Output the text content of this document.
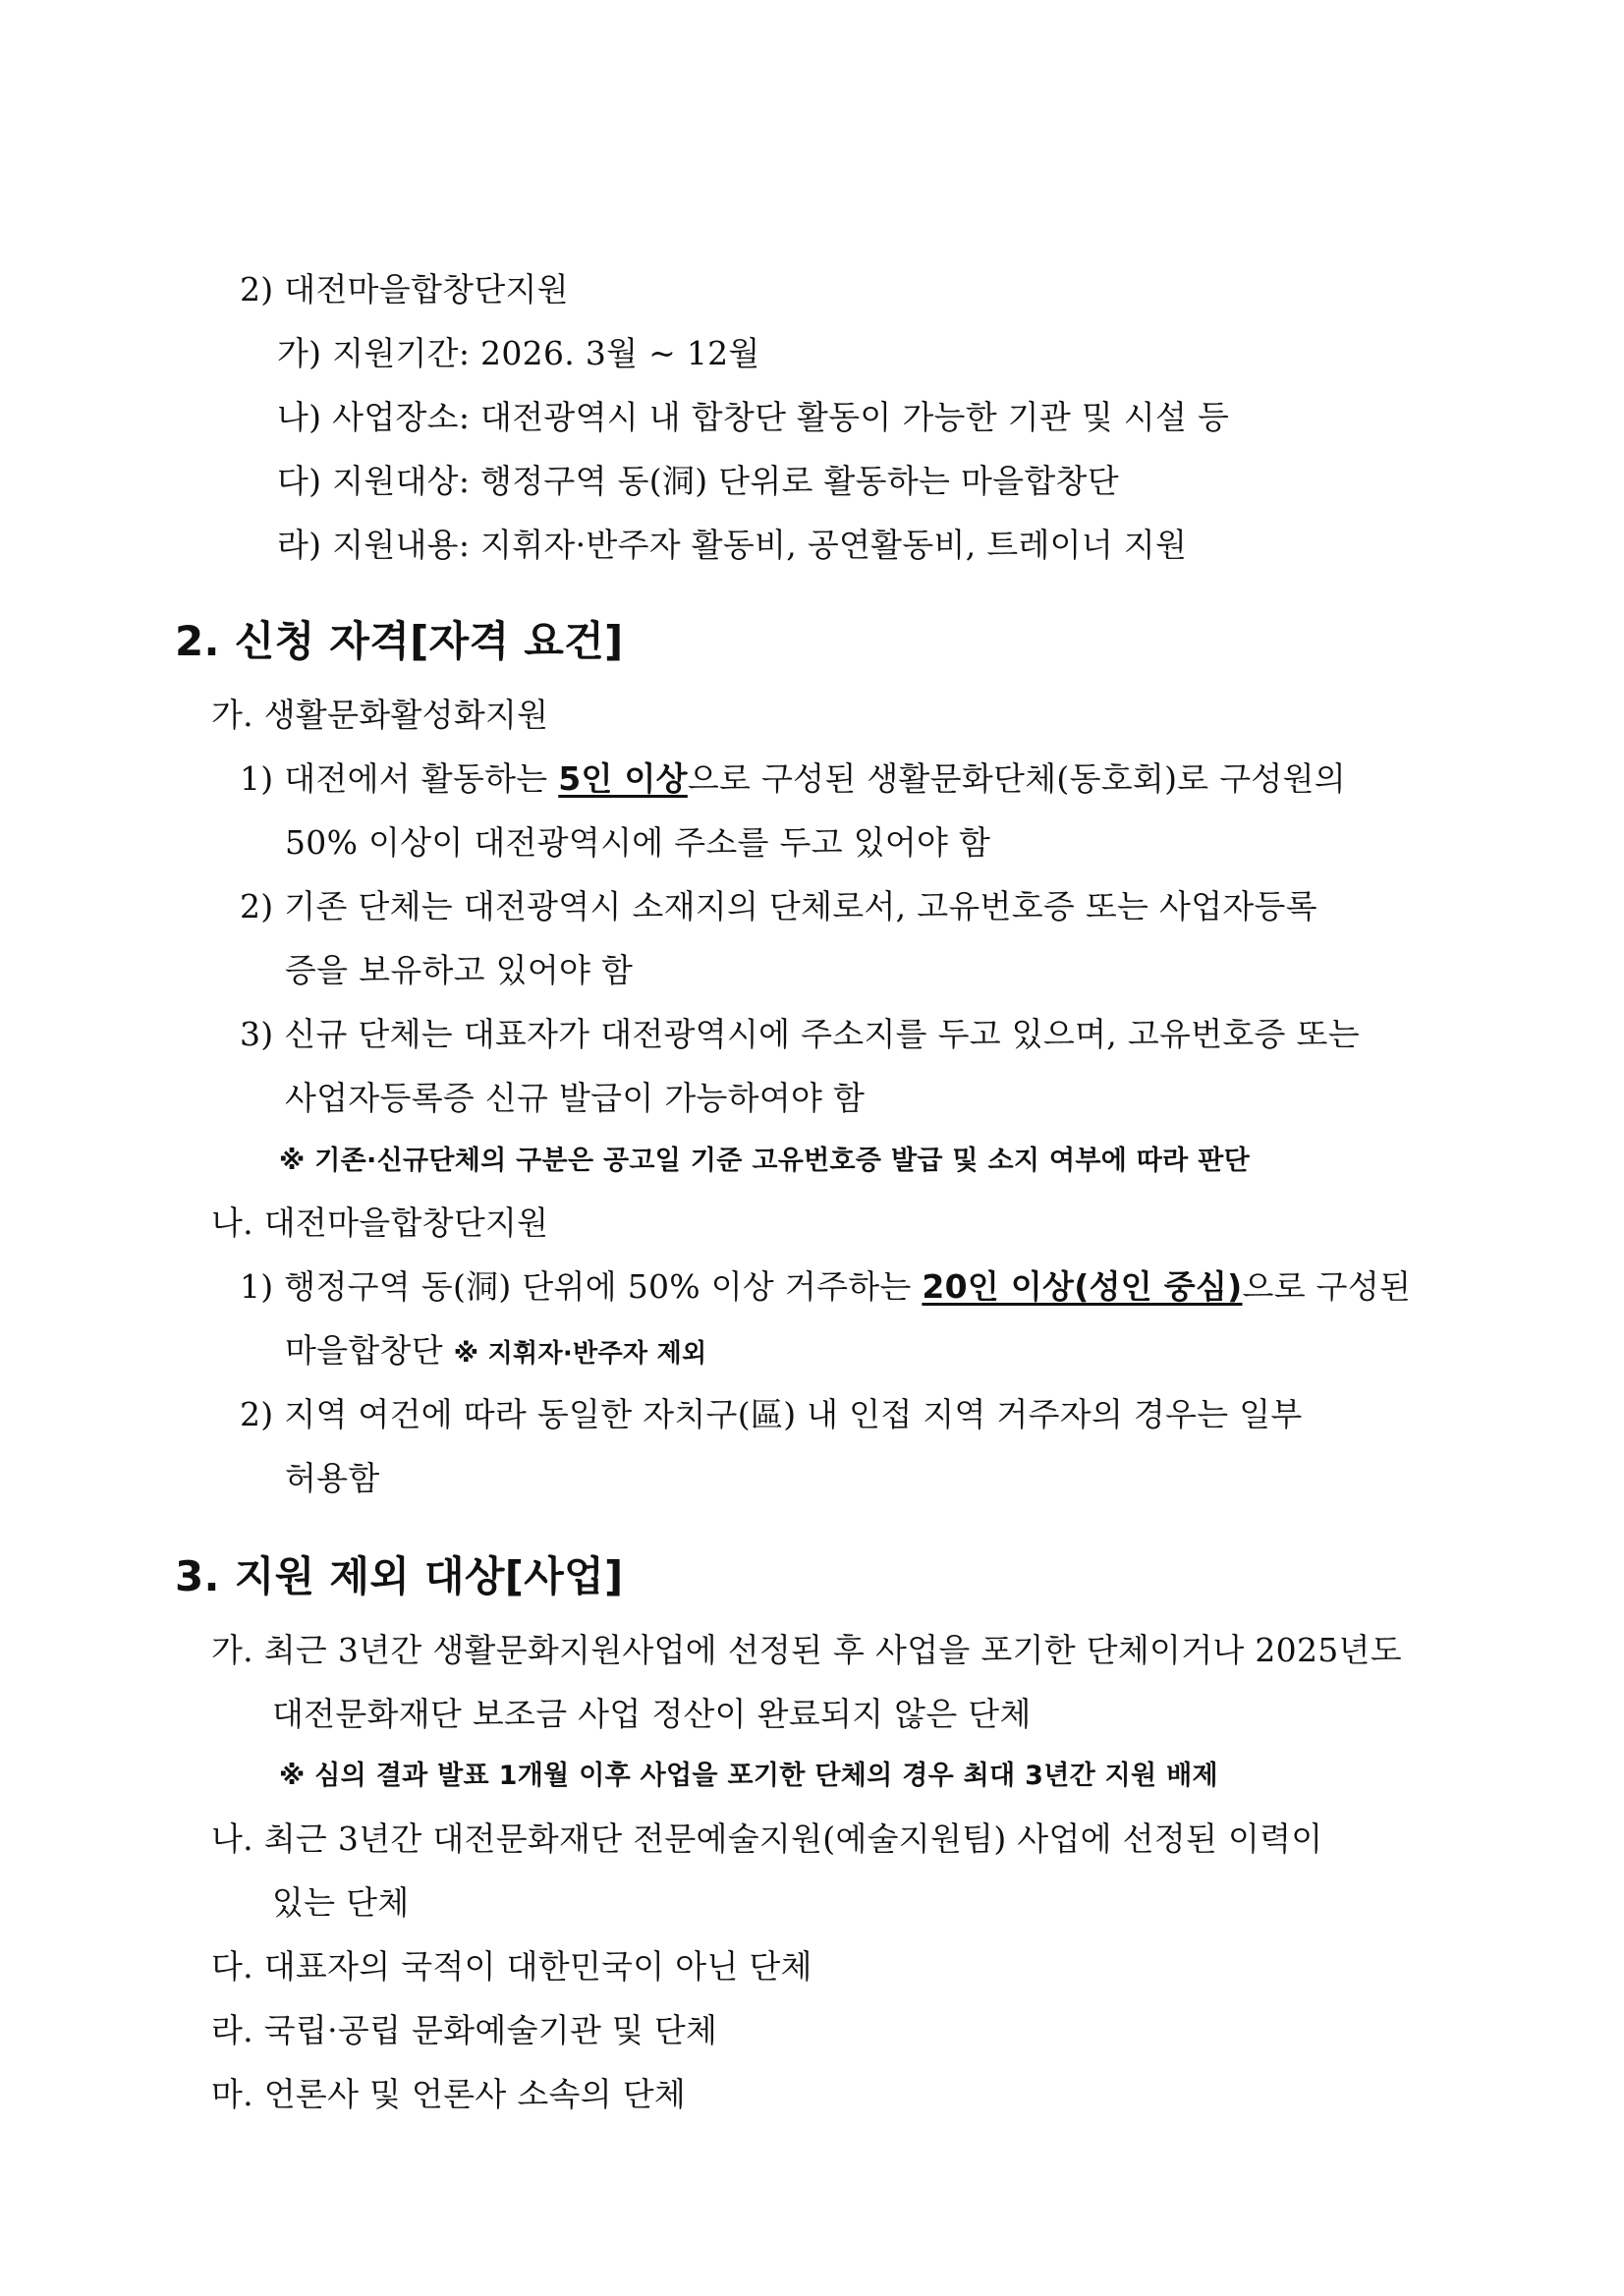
2) 대전마을합창단지원
가) 지원기간: 2026. 3월 ~ 12월
나) 사업장소: 대전광역시 내 합창단 활동이 가능한 기관 및 시설 등
다) 지원대상: 행정구역 동(洞) 단위로 활동하는 마을합창단
라) 지원내용: 지휘자·반주자 활동비, 공연활동비, 트레이너 지원
2. 신청 자격[자격 요건]
가. 생활문화활성화지원
1) 대전에서 활동하는 5인 이상으로 구성된 생활문화단체(동호회)로 구성원의
50% 이상이 대전광역시에 주소를 두고 있어야 함
2) 기존 단체는 대전광역시 소재지의 단체로서, 고유번호증 또는 사업자등록
증을 보유하고 있어야 함
3) 신규 단체는 대표자가 대전광역시에 주소지를 두고 있으며, 고유번호증 또는
사업자등록증 신규 발급이 가능하여야 함
※ 기존·신규단체의 구분은 공고일 기준 고유번호증 발급 및 소지 여부에 따라 판단
나. 대전마을합창단지원
1) 행정구역 동(洞) 단위에 50% 이상 거주하는 20인 이상(성인 중심)으로 구성된
마을합창단 ※ 지휘자·반주자 제외
2) 지역 여건에 따라 동일한 자치구(區) 내 인접 지역 거주자의 경우는 일부
허용함
3. 지원 제외 대상[사업]
가. 최근 3년간 생활문화지원사업에 선정된 후 사업을 포기한 단체이거나 2025년도
대전문화재단 보조금 사업 정산이 완료되지 않은 단체
※ 심의 결과 발표 1개월 이후 사업을 포기한 단체의 경우 최대 3년간 지원 배제
나. 최근 3년간 대전문화재단 전문예술지원(예술지원팀) 사업에 선정된 이력이
있는 단체
다. 대표자의 국적이 대한민국이 아닌 단체
라. 국립·공립 문화예술기관 및 단체
마. 언론사 및 언론사 소속의 단체
